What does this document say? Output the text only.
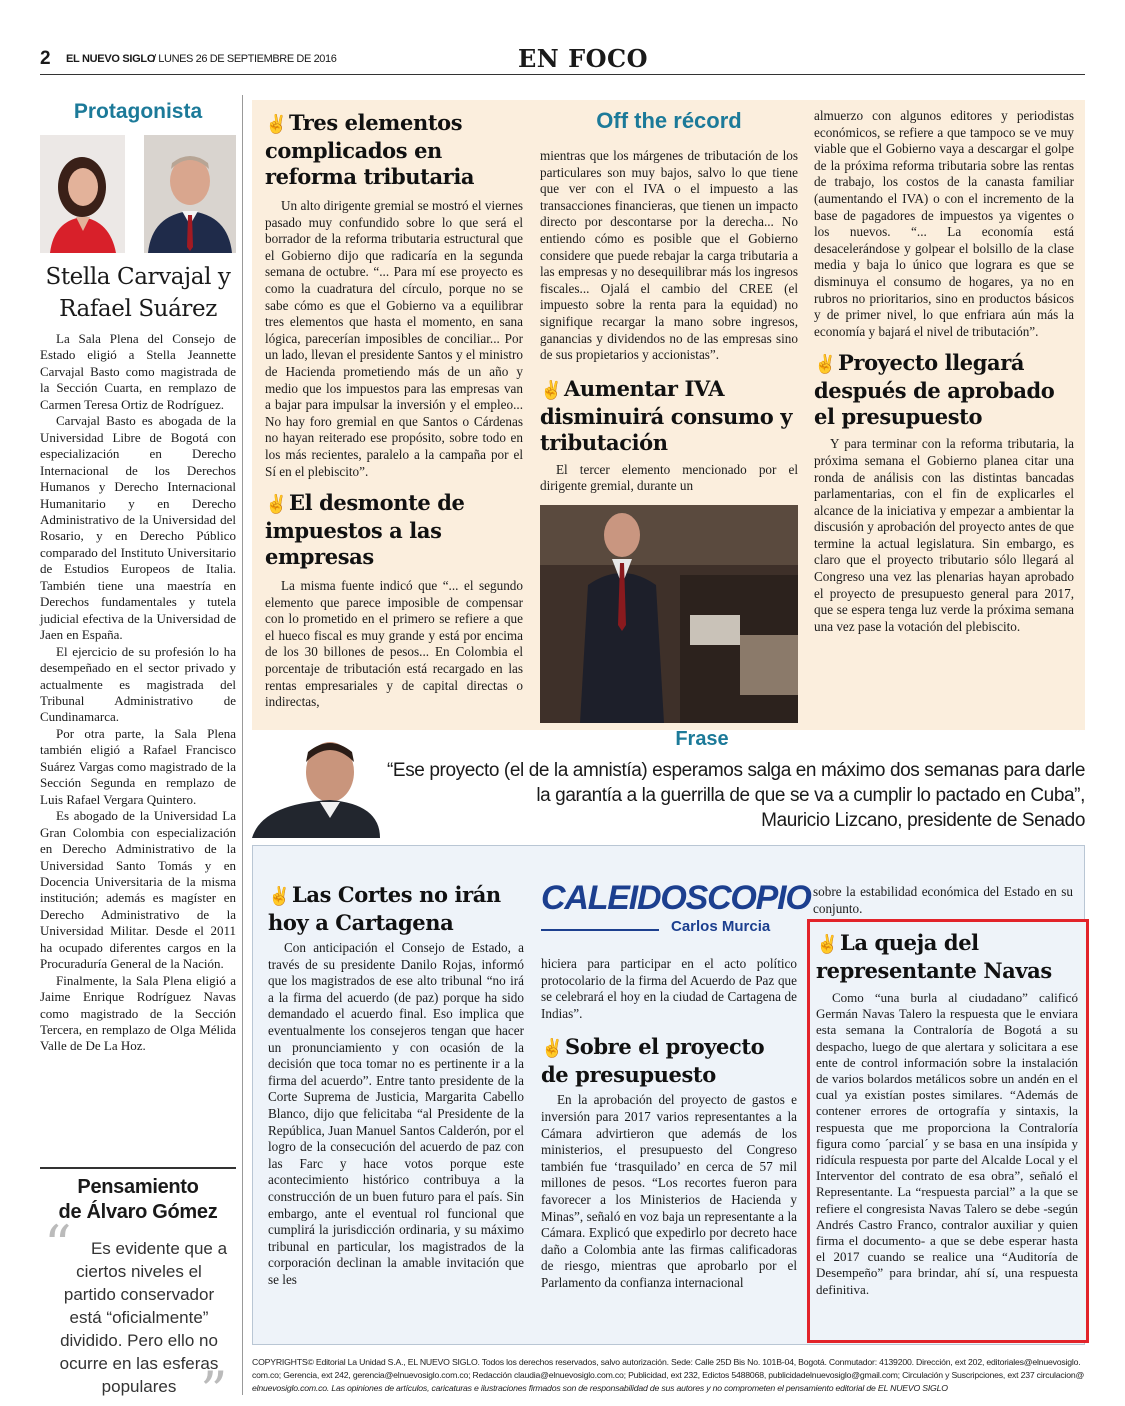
2 EL NUEVO SIGLO
/ LUNES 26 DE SEPTIEMBRE DE 2016	EN FOCO
Protagonista
Stella Carvajal y
Rafael Suárez

La Sala Plena del Consejo de Estado eligió a Stella Jeannette Carvajal Basto como magistrada de la Sección Cuarta, en remplazo de Carmen Teresa Ortiz de Rodríguez.

Carvajal Basto es abogada de la Universidad Libre de Bogotá con especialización en Derecho Internacional de los Derechos Humanos y Derecho Internacional Humanitario y en Derecho Administrativo de la Universidad del Rosario, y en Derecho Público comparado del Instituto Universitario de Estudios Europeos de Italia. También tiene una maestría en Derechos fundamentales y tutela judicial efectiva de la Universidad de Jaen en España.

El ejercicio de su profesión lo ha desempeñado en el sector privado y actualmente es magistrada del Tribunal Administrativo de Cundinamarca.

Por otra parte, la Sala Plena también eligió a Rafael Francisco Suárez Vargas como magistrado de la Sección Segunda en remplazo de Luis Rafael Vergara Quintero.

Es abogado de la Universidad La Gran Colombia con especialización en Derecho Administrativo de la Universidad Santo Tomás y en Docencia Universitaria de la misma institución; además es magíster en Derecho Administrativo de la Universidad Militar. Desde el 2011 ha ocupado diferentes cargos en la Procuraduría General de la Nación.

Finalmente, la Sala Plena eligió a Jaime Enrique Rodríguez Navas como magistrado de la Sección Tercera, en remplazo de Olga Mélida Valle de De La Hoz.

Pensamiento
de Álvaro Gómez
“	Es evidente que a ciertos niveles el partido conservador está “oficialmente” dividido. Pero ello no ocurre en las esferas populares ”
✌Tres elementos complicados en reforma tributaria

Un alto dirigente gremial se mostró el viernes pasado muy confundido sobre lo que será el borrador de la reforma tributaria estructural que el Gobierno dijo que radicaría en la segunda semana de octubre. “... Para mí ese proyecto es como la cuadratura del círculo, porque no se sabe cómo es que el Gobierno va a equilibrar tres elementos que hasta el momento, en sana lógica, parecerían imposibles de conciliar... Por un lado, llevan el presidente Santos y el ministro de Hacienda prometiendo más de un año y medio que los impuestos para las empresas van a bajar para impulsar la inversión y el empleo... No hay foro gremial en que Santos o Cárdenas no hayan reiterado ese propósito, sobre todo en los más recientes, paralelo a la campaña por el Sí en el plebiscito”.

✌El desmonte de impuestos a las empresas

La misma fuente indicó que “... el segundo elemento que parece imposible de compensar con lo prometido en el primero se refiere a que el hueco fiscal es muy grande y está por encima de los 30 billones de pesos... En Colombia el porcentaje de tributación está recargado en las rentas empresariales y de capital directas o indirectas,

Off the récord

mientras que los márgenes de tributación de los particulares son muy bajos, salvo lo que tiene que ver con el IVA o el impuesto a las transacciones financieras, que tienen un impacto directo por descontarse por la derecha... No entiendo cómo es posible que el Gobierno considere que puede rebajar la carga tributaria a las empresas y no desequilibrar más los ingresos fiscales... Ojalá el cambio del CREE (el impuesto sobre la renta para la equidad) no signifique recargar la mano sobre ingresos, ganancias y dividendos no de las empresas sino de sus propietarios y accionistas”.

✌Aumentar IVA disminuirá consumo y tributación

El tercer elemento mencionado por el dirigente gremial, durante un

almuerzo con algunos editores y periodistas económicos, se refiere a que tampoco se ve muy viable que el Gobierno vaya a descargar el golpe de la próxima reforma tributaria sobre las rentas de trabajo, los costos de la canasta familiar (aumentando el IVA) o con el incremento de la base de pagadores de impuestos ya vigentes o los nuevos. “... La economía está desacelerándose y golpear el bolsillo de la clase media y baja lo único que lograra es que se disminuya el consumo de hogares, ya no en rubros no prioritarios, sino en productos básicos y de primer nivel, lo que enfriara aún más la economía y bajará el nivel de tributación”.

✌Proyecto llegará después de aprobado el presupuesto

Y para terminar con la reforma tributaria, la próxima semana el Gobierno planea citar una ronda de análisis con las distintas bancadas parlamentarias, con el fin de explicarles el alcance de la iniciativa y empezar a ambientar la discusión y aprobación del proyecto antes de que termine la actual legislatura. Sin embargo, es claro que el proyecto tributario sólo llegará al Congreso una vez las plenarias hayan aprobado el proyecto de presupuesto general para 2017, que se espera tenga luz verde la próxima semana una vez pase la votación del plebiscito.

Frase
“Ese proyecto (el de la amnistía) esperamos salga en máximo dos semanas para darle
la garantía a la guerrilla de que se va a cumplir lo pactado en Cuba”,
Mauricio Lizcano, presidente de Senado
✌Las Cortes no irán hoy a Cartagena

Con anticipación el Consejo de Estado, a través de su presidente Danilo Rojas, informó que los magistrados de ese alto tribunal “no irá a la firma del acuerdo (de paz) porque ha sido demandado el acuerdo final. Eso implica que eventualmente los consejeros tengan que hacer un pronunciamiento y con ocasión de la decisión que toca tomar no es pertinente ir a la firma del acuerdo”. Entre tanto presidente de la Corte Suprema de Justicia, Margarita Cabello Blanco, dijo que felicitaba “al Presidente de la República, Juan Manuel Santos Calderón, por el logro de la consecución del acuerdo de paz con las Farc y hace votos porque este acontecimiento histórico contribuya a la construcción de un buen futuro para el país. Sin embargo, ante el eventual rol funcional que cumplirá la jurisdicción ordinaria, y su máximo tribunal en particular, los magistrados de la corporación declinan la amable invitación que se les

CALEIDOSCOPIO
Carlos Murcia

hiciera para participar en el acto político protocolario de la firma del Acuerdo de Paz que se celebrará el hoy en la ciudad de Cartagena de Indias”.

✌Sobre el proyecto de presupuesto

En la aprobación del proyecto de gastos e inversión para 2017 varios representantes a la Cámara advirtieron que además de los ministerios, el presupuesto del Congreso también fue ‘trasquilado’ en cerca de 57 mil millones de pesos. “Los recortes fueron para favorecer a los Ministerios de Hacienda y Minas”, señaló en voz baja un representante a la Cámara. Explicó que expedirlo por decreto hace daño a Colombia ante las firmas calificadoras de riesgo, mientras que aprobarlo por el Parlamento da confianza internacional

sobre la estabilidad económica del Estado en su conjunto.

✌La queja del representante Navas

Como “una burla al ciudadano” calificó Germán Navas Talero la respuesta que le enviara esta semana la Contraloría de Bogotá a su despacho, luego de que alertara y solicitara a ese ente de control información sobre la instalación de varios bolardos metálicos sobre un andén en el cual ya existían postes similares. “Además de contener errores de ortografía y sintaxis, la respuesta que me proporciona la Contraloría figura como ´parcial´ y se basa en una insípida y ridícula respuesta por parte del Alcalde Local y el Interventor del contrato de esa obra”, señaló el Representante. La “respuesta parcial” a la que se refiere el congresista Navas Talero se debe -según Andrés Castro Franco, contralor auxiliar y quien firma el documento- a que se debe esperar hasta el 2017 cuando se realice una “Auditoría de Desempeño” para brindar, ahí sí, una respuesta definitiva.

COPYRIGHTS© Editorial La Unidad S.A., EL NUEVO SIGLO. Todos los derechos reservados, salvo autorización. Sede: Calle 25D Bis No. 101B-04, Bogotá. Conmutador: 4139200. Dirección, ext 202, editoriales@elnuevosiglo.
com.co; Gerencia, ext 242, gerencia@elnuevosiglo.com.co; Redacción claudia@elnuevosiglo.com.co; Publicidad, ext 232, Edictos 5488068, publicidadelnuevosiglo@gmail.com; Circulación y Suscripciones, ext 237 circulacion@
elnuevosiglo.com.co. Las opiniones de artículos, caricaturas e ilustraciones firmados son de responsabilidad de sus autores y no comprometen el pensamiento editorial de EL NUEVO SIGLO
